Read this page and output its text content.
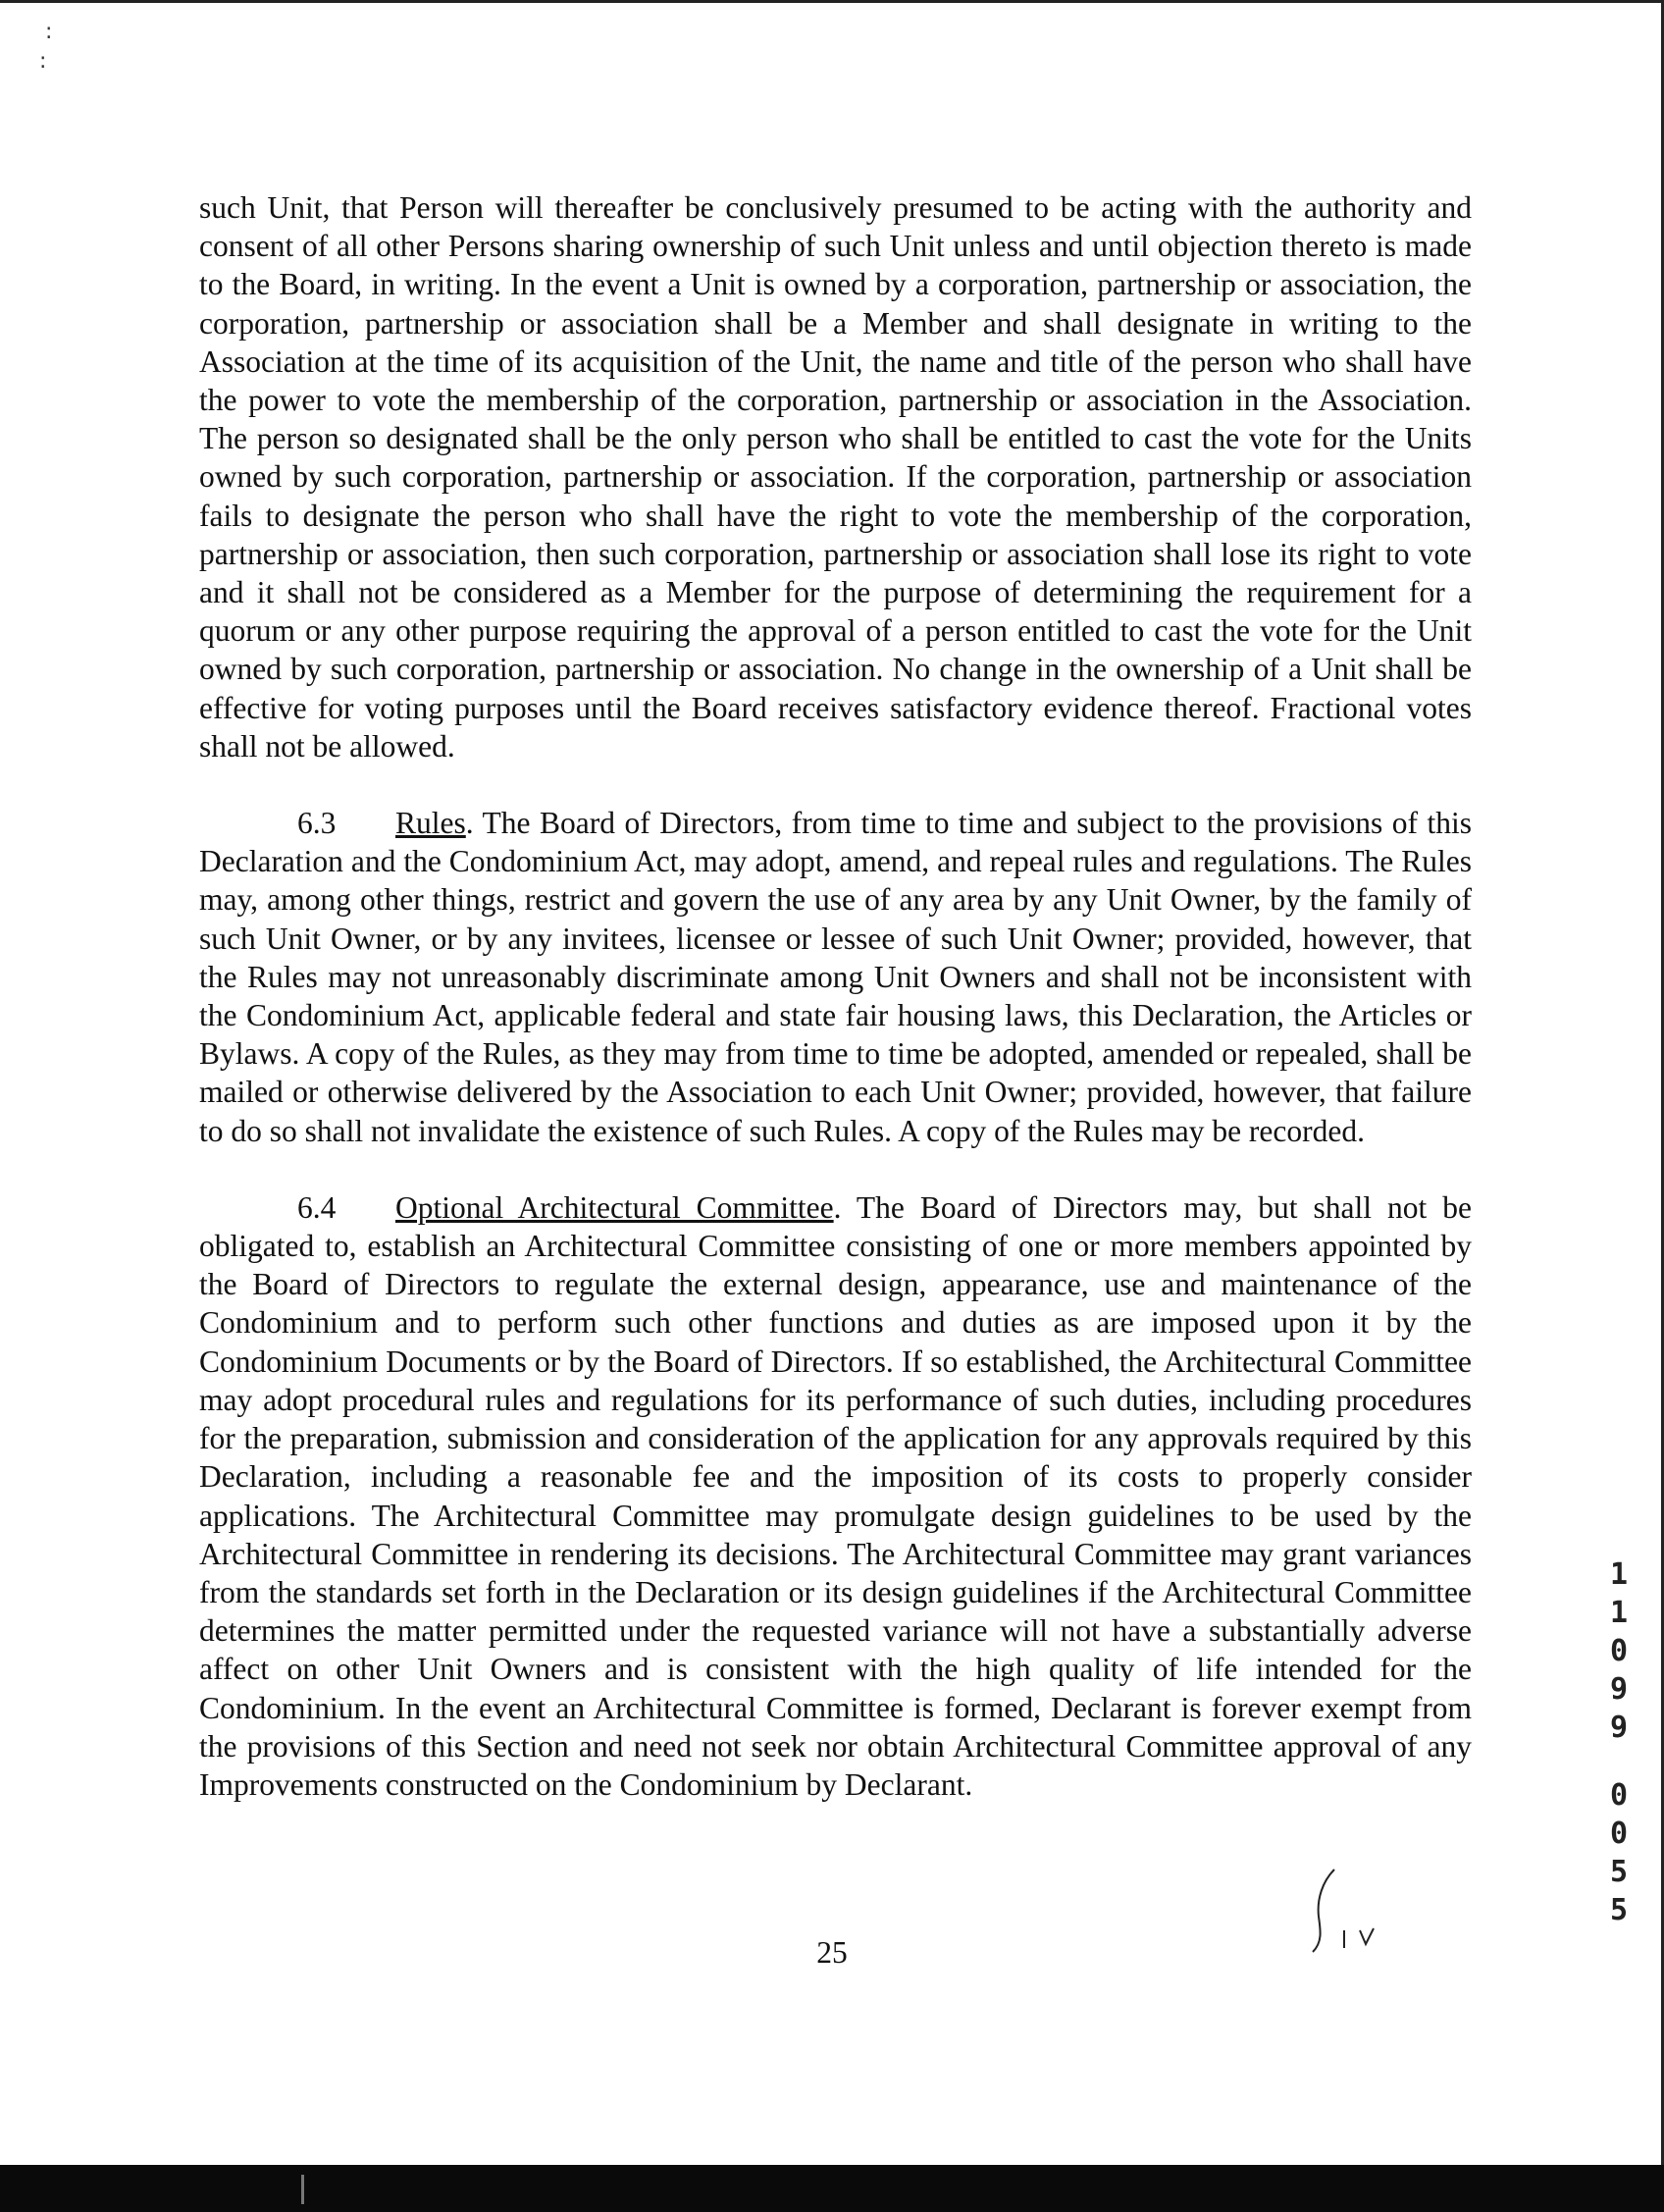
:
:

such Unit, that Person will thereafter be conclusively presumed to be acting with the authority and consent of all other Persons sharing ownership of such Unit unless and until objection thereto is made to the Board, in writing. In the event a Unit is owned by a corporation, partnership or association, the corporation, partnership or association shall be a Member and shall designate in writing to the Association at the time of its acquisition of the Unit, the name and title of the person who shall have the power to vote the membership of the corporation, partnership or association in the Association. The person so designated shall be the only person who shall be entitled to cast the vote for the Units owned by such corporation, partnership or association. If the corporation, partnership or association fails to designate the person who shall have the right to vote the membership of the corporation, partnership or association, then such corporation, partnership or association shall lose its right to vote and it shall not be considered as a Member for the purpose of determining the requirement for a quorum or any other purpose requiring the approval of a person entitled to cast the vote for the Unit owned by such corporation, partnership or association. No change in the ownership of a Unit shall be effective for voting purposes until the Board receives satisfactory evidence thereof. Fractional votes shall not be allowed.

6.3 Rules. The Board of Directors, from time to time and subject to the provisions of this Declaration and the Condominium Act, may adopt, amend, and repeal rules and regulations. The Rules may, among other things, restrict and govern the use of any area by any Unit Owner, by the family of such Unit Owner, or by any invitees, licensee or lessee of such Unit Owner; provided, however, that the Rules may not unreasonably discriminate among Unit Owners and shall not be inconsistent with the Condominium Act, applicable federal and state fair housing laws, this Declaration, the Articles or Bylaws. A copy of the Rules, as they may from time to time be adopted, amended or repealed, shall be mailed or otherwise delivered by the Association to each Unit Owner; provided, however, that failure to do so shall not invalidate the existence of such Rules. A copy of the Rules may be recorded.

6.4 Optional Architectural Committee. The Board of Directors may, but shall not be obligated to, establish an Architectural Committee consisting of one or more members appointed by the Board of Directors to regulate the external design, appearance, use and maintenance of the Condominium and to perform such other functions and duties as are imposed upon it by the Condominium Documents or by the Board of Directors. If so established, the Architectural Committee may adopt procedural rules and regulations for its performance of such duties, including procedures for the preparation, submission and consideration of the application for any approvals required by this Declaration, including a reasonable fee and the imposition of its costs to properly consider applications. The Architectural Committee may promulgate design guidelines to be used by the Architectural Committee in rendering its decisions. The Architectural Committee may grant variances from the standards set forth in the Declaration or its design guidelines if the Architectural Committee determines the matter permitted under the requested variance will not have a substantially adverse affect on other Unit Owners and is consistent with the high quality of life intended for the Condominium. In the event an Architectural Committee is formed, Declarant is forever exempt from the provisions of this Section and need not seek nor obtain Architectural Committee approval of any Improvements constructed on the Condominium by Declarant.

25
1
1
0
9
9
0
0
5
5
